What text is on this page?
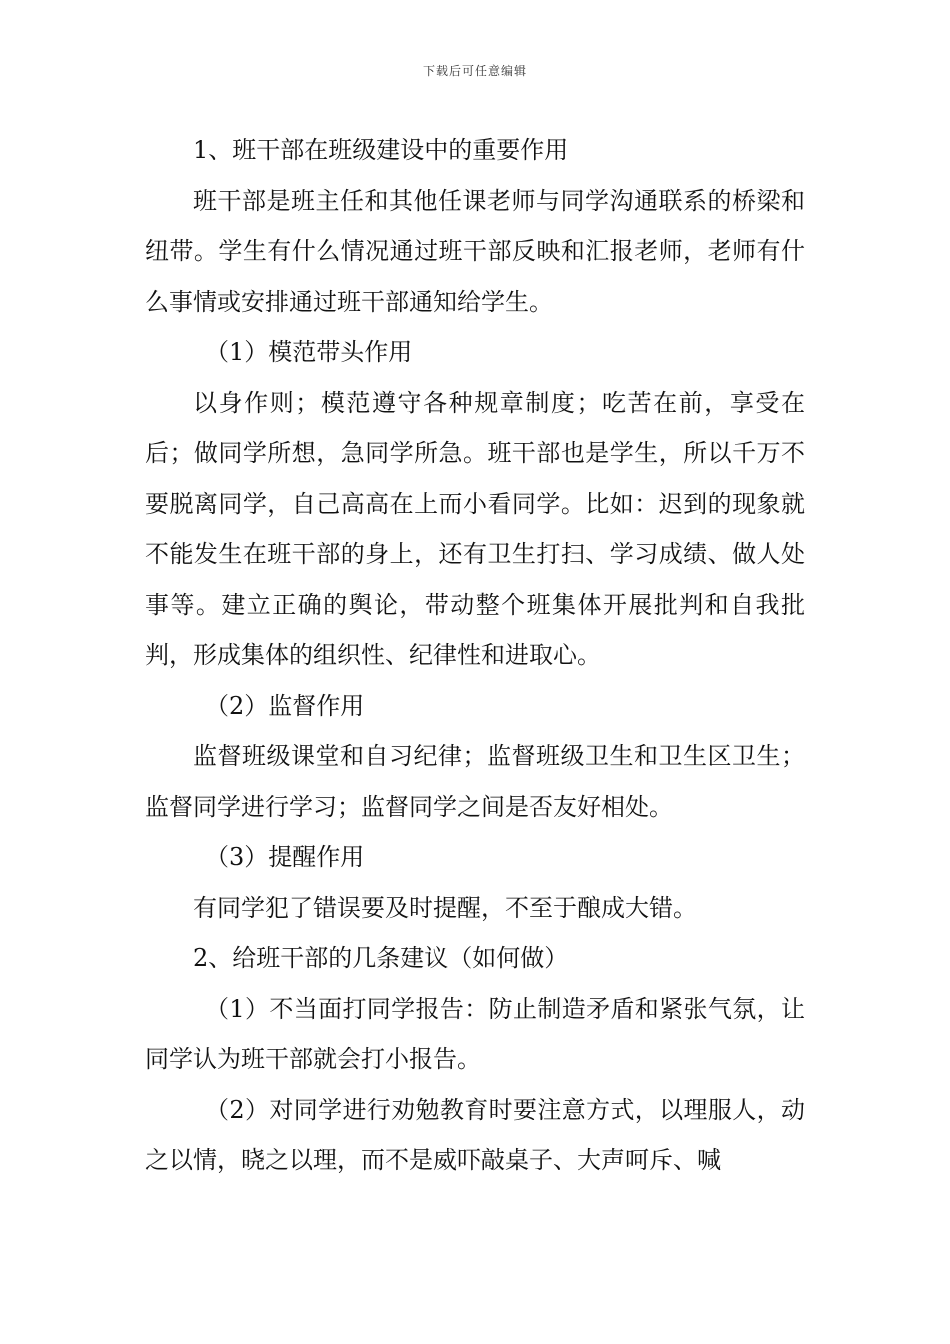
下载后可任意编辑

1、班干部在班级建设中的重要作用

班干部是班主任和其他任课老师与同学沟通联系的桥梁和纽带。学生有什么情况通过班干部反映和汇报老师，老师有什么事情或安排通过班干部通知给学生。

（1）模范带头作用

以身作则；模范遵守各种规章制度；吃苦在前，享受在后；做同学所想，急同学所急。班干部也是学生，所以千万不要脱离同学，自己高高在上而小看同学。比如：迟到的现象就不能发生在班干部的身上，还有卫生打扫、学习成绩、做人处事等。建立正确的舆论，带动整个班集体开展批判和自我批判，形成集体的组织性、纪律性和进取心。

（2）监督作用

监督班级课堂和自习纪律；监督班级卫生和卫生区卫生；监督同学进行学习；监督同学之间是否友好相处。

（3）提醒作用

有同学犯了错误要及时提醒，不至于酿成大错。

2、给班干部的几条建议（如何做）

（1）不当面打同学报告：防止制造矛盾和紧张气氛，让同学认为班干部就会打小报告。

（2）对同学进行劝勉教育时要注意方式，以理服人，动之以情，晓之以理，而不是威吓敲桌子、大声呵斥、喊
